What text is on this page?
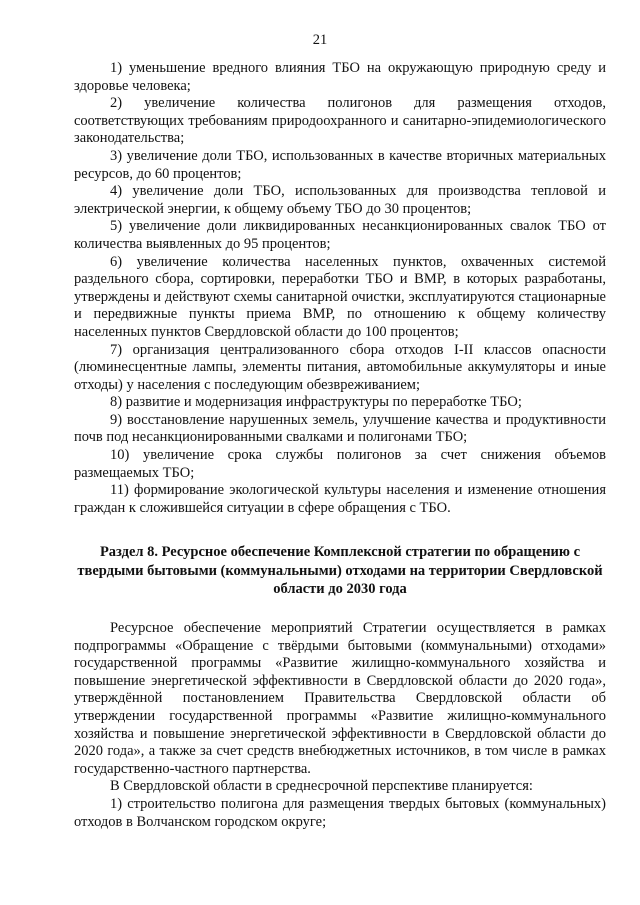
21

1) уменьшение вредного влияния ТБО на окружающую природную среду и здоровье человека;

2) увеличение количества полигонов для размещения отходов, соответствующих требованиям природоохранного и санитарно-эпидемиологического законодательства;

3) увеличение доли ТБО, использованных в качестве вторичных материальных ресурсов, до 60 процентов;

4) увеличение доли ТБО, использованных для производства тепловой и электрической энергии, к общему объему ТБО до 30 процентов;

5) увеличение доли ликвидированных несанкционированных свалок ТБО от количества выявленных до 95 процентов;

6) увеличение количества населенных пунктов, охваченных системой раздельного сбора, сортировки, переработки ТБО и ВМР, в которых разработаны, утверждены и действуют схемы санитарной очистки, эксплуатируются стационарные и передвижные пункты приема ВМР, по отношению к общему количеству населенных пунктов Свердловской области до 100 процентов;

7) организация централизованного сбора отходов I-II классов опасности (люминесцентные лампы, элементы питания, автомобильные аккумуляторы и иные отходы) у населения с последующим обезвреживанием;

8) развитие и модернизация инфраструктуры по переработке ТБО;

9) восстановление нарушенных земель, улучшение качества и продуктивности почв под несанкционированными свалками и полигонами ТБО;

10) увеличение срока службы полигонов за счет снижения объемов размещаемых ТБО;

11) формирование экологической культуры населения и изменение отношения граждан к сложившейся ситуации в сфере обращения с ТБО.

Раздел 8. Ресурсное обеспечение Комплексной стратегии по обращению с твердыми бытовыми (коммунальными) отходами на территории Свердловской области до 2030 года

Ресурсное обеспечение мероприятий Стратегии осуществляется в рамках подпрограммы «Обращение с твёрдыми бытовыми (коммунальными) отходами» государственной программы «Развитие жилищно-коммунального хозяйства и повышение энергетической эффективности в Свердловской области до 2020 года», утверждённой постановлением Правительства Свердловской области об утверждении государственной программы «Развитие жилищно-коммунального хозяйства и повышение энергетической эффективности в Свердловской области до 2020 года», а также за счет средств внебюджетных источников, в том числе в рамках государственно-частного партнерства.

В Свердловской области в среднесрочной перспективе планируется:

1) строительство полигона для размещения твердых бытовых (коммунальных) отходов в Волчанском городском округе;
